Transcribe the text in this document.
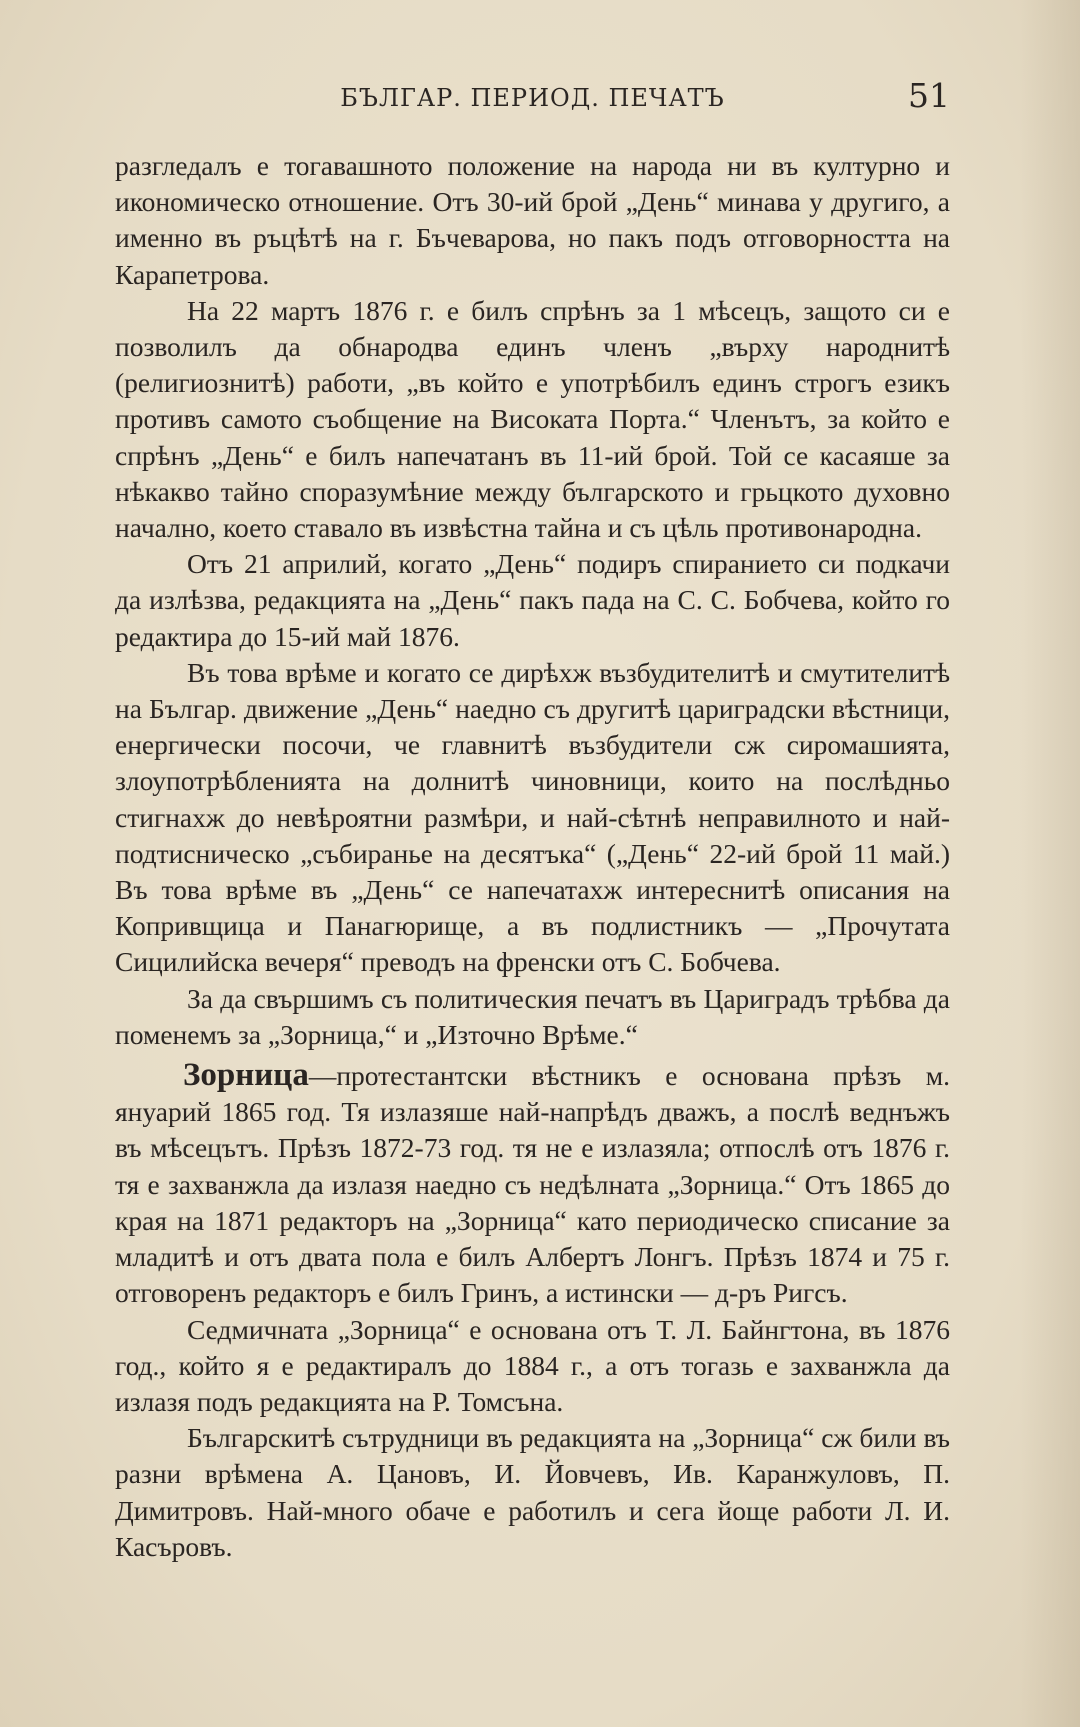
БЪЛГАР. ПЕРИОД. ПЕЧАТЪ	51

разгледалъ е тогавашното положение на народа ни въ културно и икономическо отношение. Отъ 30-ий брой „День“ минава у другиго, а именно въ ръцѣтѣ на г. Бъчеварова, но пакъ подъ отговорността на Карапетрова.

На 22 мартъ 1876 г. е билъ спрѣнъ за 1 мѣсецъ, защото си е позволилъ да обнародва единъ членъ „върху народнитѣ (религиознитѣ) работи, „въ който е употрѣбилъ единъ строгъ езикъ противъ самото съобщение на Високата Порта.“ Членътъ, за който е спрѣнъ „День“ е билъ напечатанъ въ 11-ий брой. Той се касаяше за нѣкакво тайно споразумѣние между българското и грьцкото духовно начално, което ставало въ извѣстна тайна и съ цѣль противонародна.

Отъ 21 априлий, когато „День“ подиръ спиранието си подкачи да излѣзва, редакцията на „День“ пакъ пада на С. С. Бобчева, който го редактира до 15-ий май 1876.

Въ това врѣме и когато се дирѣхж възбудителитѣ и смутителитѣ на Българ. движение „День“ наедно съ другитѣ цариградски вѣстници, енергически посочи, че главнитѣ възбудители сж сиромашията, злоупотрѣбленията на долнитѣ чиновници, които на послѣдньо стигнахж до невѣроятни размѣри, и най-сѣтнѣ неправилното и най-подтисническо „събиранье на десятъка“ („День“ 22-ий брой 11 май.) Въ това врѣме въ „День“ се напечатахж интереснитѣ описания на Копривщица и Панагюрище, а въ подлистникъ — „Прочутата Сицилийска вечеря“ преводъ на френски отъ С. Бобчева.

За да свършимъ съ политическия печатъ въ Цариградъ трѣбва да поменемъ за „Зорница,“ и „Източно Врѣме.“

Зорница—протестантски вѣстникъ е основана прѣзъ м. януарий 1865 год. Тя излазяше най-напрѣдъ дважъ, а послѣ веднъжъ въ мѣсецътъ. Прѣзъ 1872-73 год. тя не е излазяла; отпослѣ отъ 1876 г. тя е захванжла да излазя наедно съ недѣлната „Зорница.“ Отъ 1865 до края на 1871 редакторъ на „Зорница“ като периодическо списание за младитѣ и отъ двата пола е билъ Албертъ Лонгъ. Прѣзъ 1874 и 75 г. отговоренъ редакторъ е билъ Гринъ, а истински — д-ръ Ригсъ.

Седмичната „Зорница“ е основана отъ Т. Л. Байнгтона, въ 1876 год., който я е редактиралъ до 1884 г., а отъ тогазь е захванжла да излазя подъ редакцията на Р. Томсъна.

Българскитѣ сътрудници въ редакцията на „Зорница“ сж били въ разни врѣмена А. Цановъ, И. Йовчевъ, Ив. Каранжуловъ, П. Димитровъ. Най-много обаче е работилъ и сега йоще работи Л. И. Касъровъ.
